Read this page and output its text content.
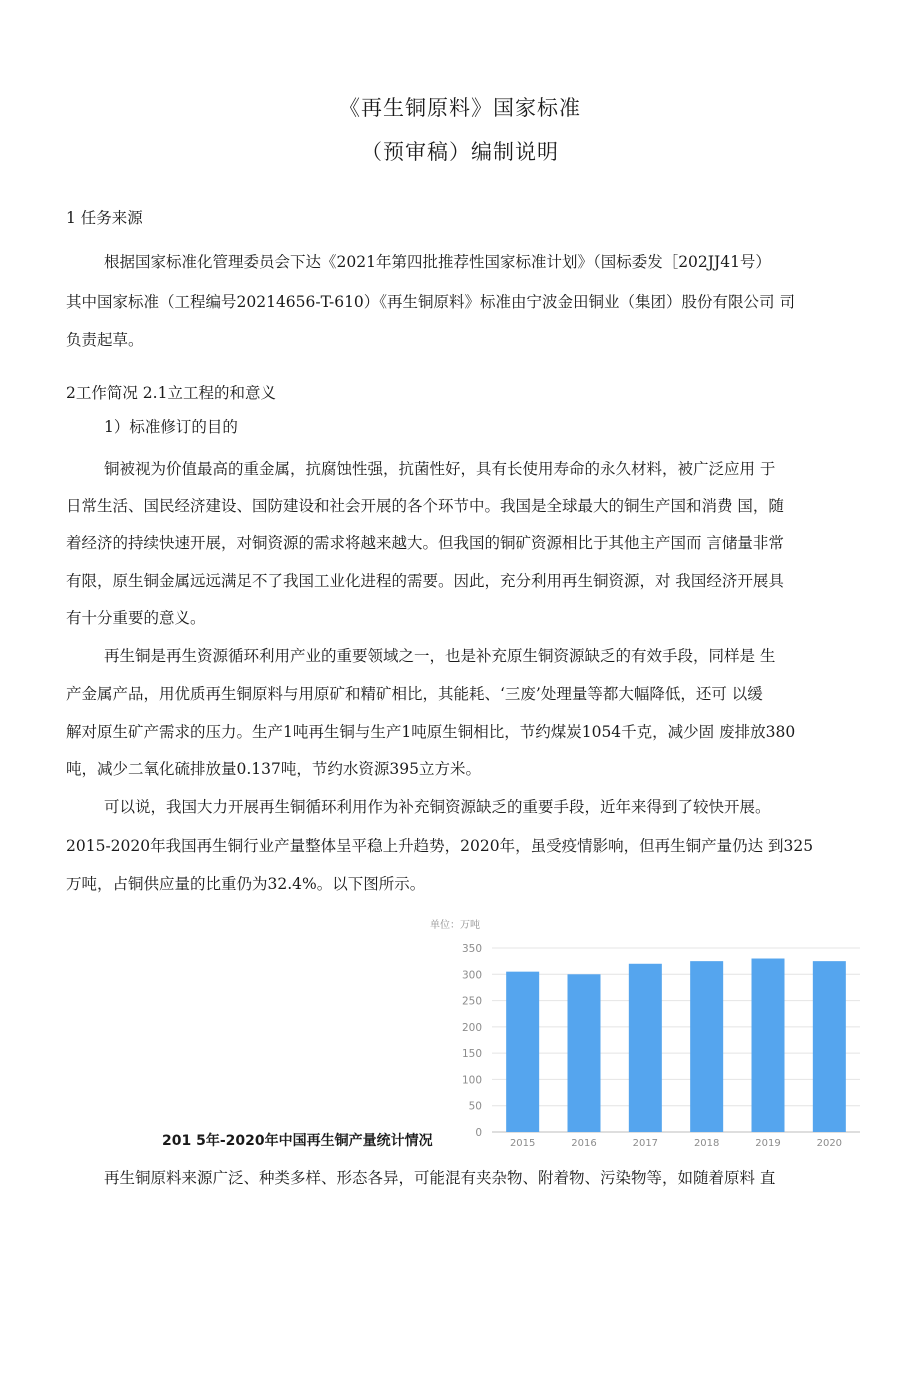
《再生铜原料》国家标准
（预审稿）编制说明
1 任务来源
根据国家标准化管理委员会下达《2021年第四批推荐性国家标准计划》（国标委发［202JJ41号）
其中国家标准（工程编号20214656-T-610）《再生铜原料》标准由宁波金田铜业（集团）股份有限公司 司
负责起草。
2工作简况 2.1立工程的和意义
1）标准修订的目的
铜被视为价值最高的重金属，抗腐蚀性强，抗菌性好，具有长使用寿命的永久材料，被广泛应用 于
日常生活、国民经济建设、国防建设和社会开展的各个环节中。我国是全球最大的铜生产国和消费 国，随
着经济的持续快速开展，对铜资源的需求将越来越大。但我国的铜矿资源相比于其他主产国而 言储量非常
有限，原生铜金属远远满足不了我国工业化进程的需要。因此，充分利用再生铜资源，对 我国经济开展具
有十分重要的意义。
再生铜是再生资源循环利用产业的重要领域之一，也是补充原生铜资源缺乏的有效手段，同样是 生
产金属产品，用优质再生铜原料与用原矿和精矿相比，其能耗、‘三废’处理量等都大幅降低，还可 以缓
解对原生矿产需求的压力。生产1吨再生铜与生产1吨原生铜相比，节约煤炭1054千克，减少固 废排放380
吨，减少二氧化硫排放量0.137吨，节约水资源395立方米。
可以说，我国大力开展再生铜循环利用作为补充铜资源缺乏的重要手段，近年来得到了较快开展。
2015-2020年我国再生铜行业产量整体呈平稳上升趋势，2020年，虽受疫情影响，但再生铜产量仍达 到325
万吨，占铜供应量的比重仍为32.4%。以下图所示。
单位：万吨
0
50
100
150
200
250
300
350
2015	2016	2017	2018	2019	2020
201 5年-2020年中国再生铜产量统计情况
再生铜原料来源广泛、种类多样、形态各异，可能混有夹杂物、附着物、污染物等，如随着原料 直
